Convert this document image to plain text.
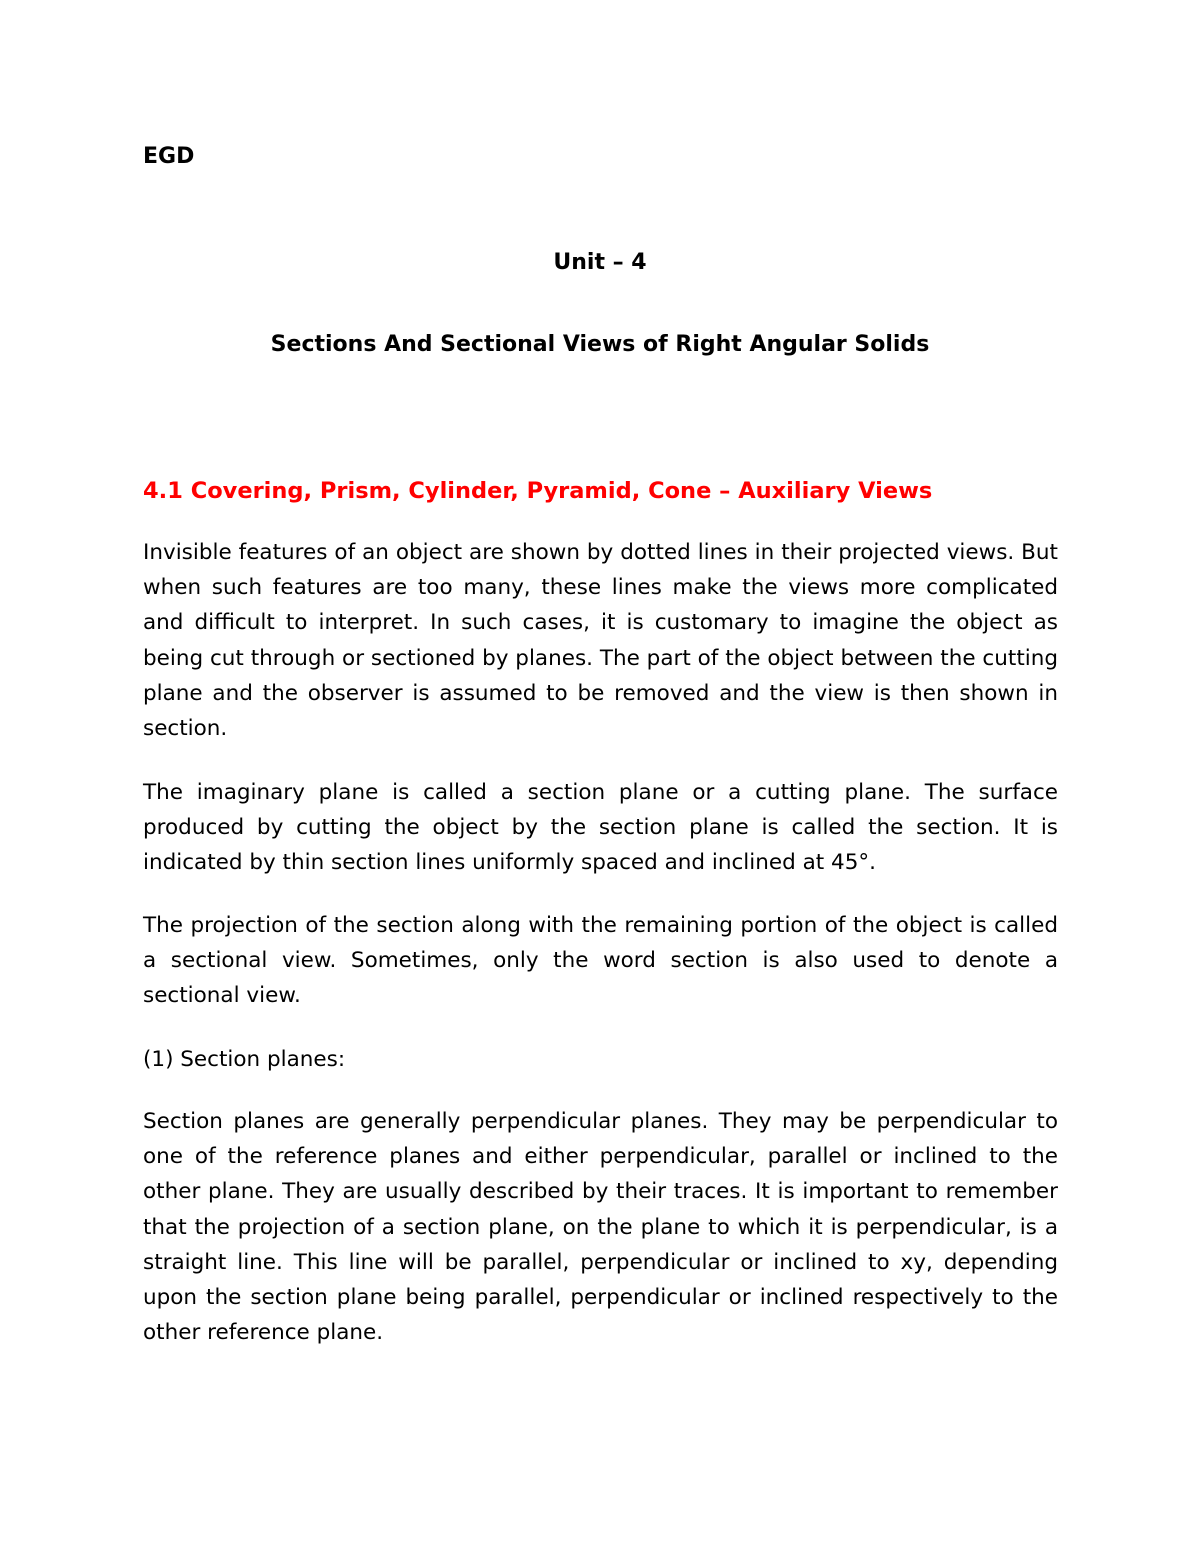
EGD

Unit – 4

Sections And Sectional Views of Right Angular Solids

4.1 Covering, Prism, Cylinder, Pyramid, Cone – Auxiliary Views

Invisible features of an object are shown by dotted lines in their projected views. But when such features are too many, these lines make the views more complicated and difficult to interpret. In such cases, it is customary to imagine the object as being cut through or sectioned by planes. The part of the object between the cutting plane and the observer is assumed to be removed and the view is then shown in section.

The imaginary plane is called a section plane or a cutting plane. The surface produced by cutting the object by the section plane is called the section. It is indicated by thin section lines uniformly spaced and inclined at 45°.

The projection of the section along with the remaining portion of the object is called a sectional view. Sometimes, only the word section is also used to denote a sectional view.

(1) Section planes:

Section planes are generally perpendicular planes. They may be perpendicular to one of the reference planes and either perpendicular, parallel or inclined to the other plane. They are usually described by their traces. It is important to remember that the projection of a section plane, on the plane to which it is perpendicular, is a straight line. This line will be parallel, perpendicular or inclined to xy, depending upon the section plane being parallel, perpendicular or inclined respectively to the other reference plane.
